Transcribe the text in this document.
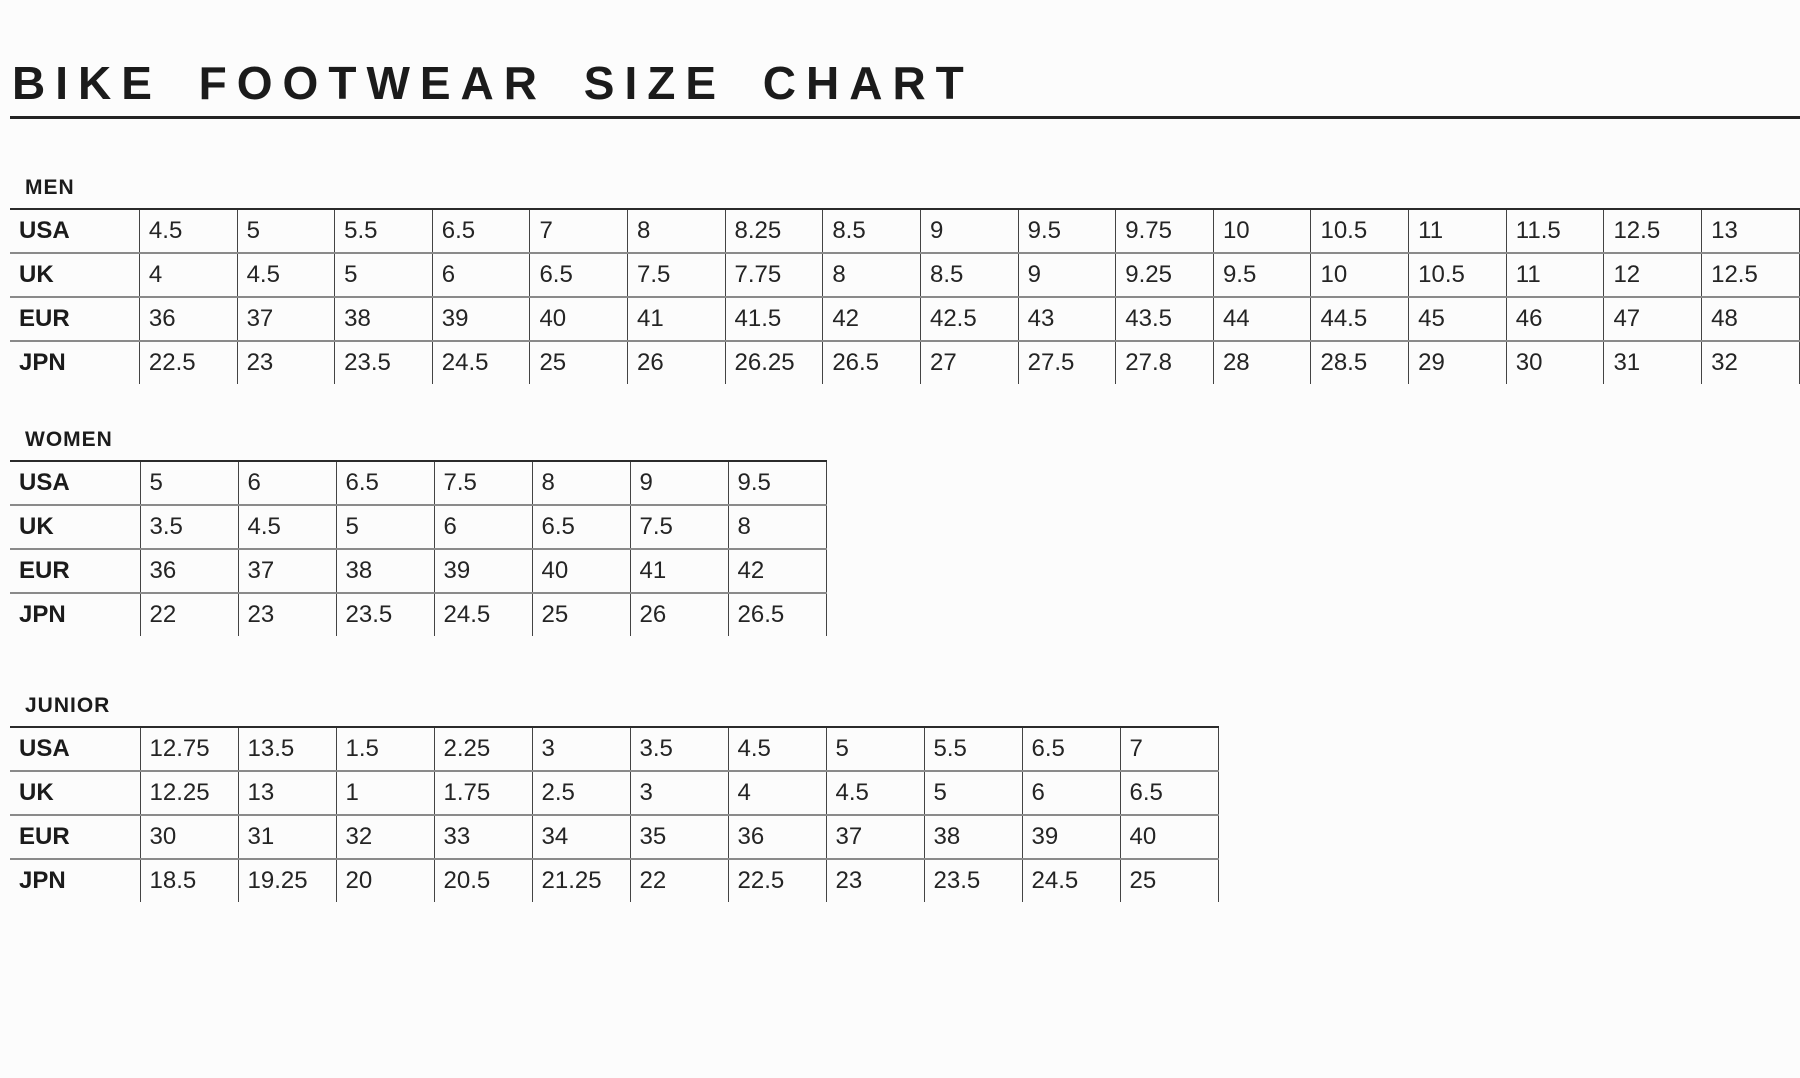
BIKE FOOTWEAR SIZE CHART
MEN
USA	4.5	5	5.5	6.5	7	8	8.25	8.5	9	9.5	9.75	10	10.5	11	11.5	12.5	13
UK	4	4.5	5	6	6.5	7.5	7.75	8	8.5	9	9.25	9.5	10	10.5	11	12	12.5
EUR	36	37	38	39	40	41	41.5	42	42.5	43	43.5	44	44.5	45	46	47	48
JPN	22.5	23	23.5	24.5	25	26	26.25	26.5	27	27.5	27.8	28	28.5	29	30	31	32
WOMEN
USA	5	6	6.5	7.5	8	9	9.5
UK	3.5	4.5	5	6	6.5	7.5	8
EUR	36	37	38	39	40	41	42
JPN	22	23	23.5	24.5	25	26	26.5
JUNIOR
USA	12.75	13.5	1.5	2.25	3	3.5	4.5	5	5.5	6.5	7
UK	12.25	13	1	1.75	2.5	3	4	4.5	5	6	6.5
EUR	30	31	32	33	34	35	36	37	38	39	40
JPN	18.5	19.25	20	20.5	21.25	22	22.5	23	23.5	24.5	25
